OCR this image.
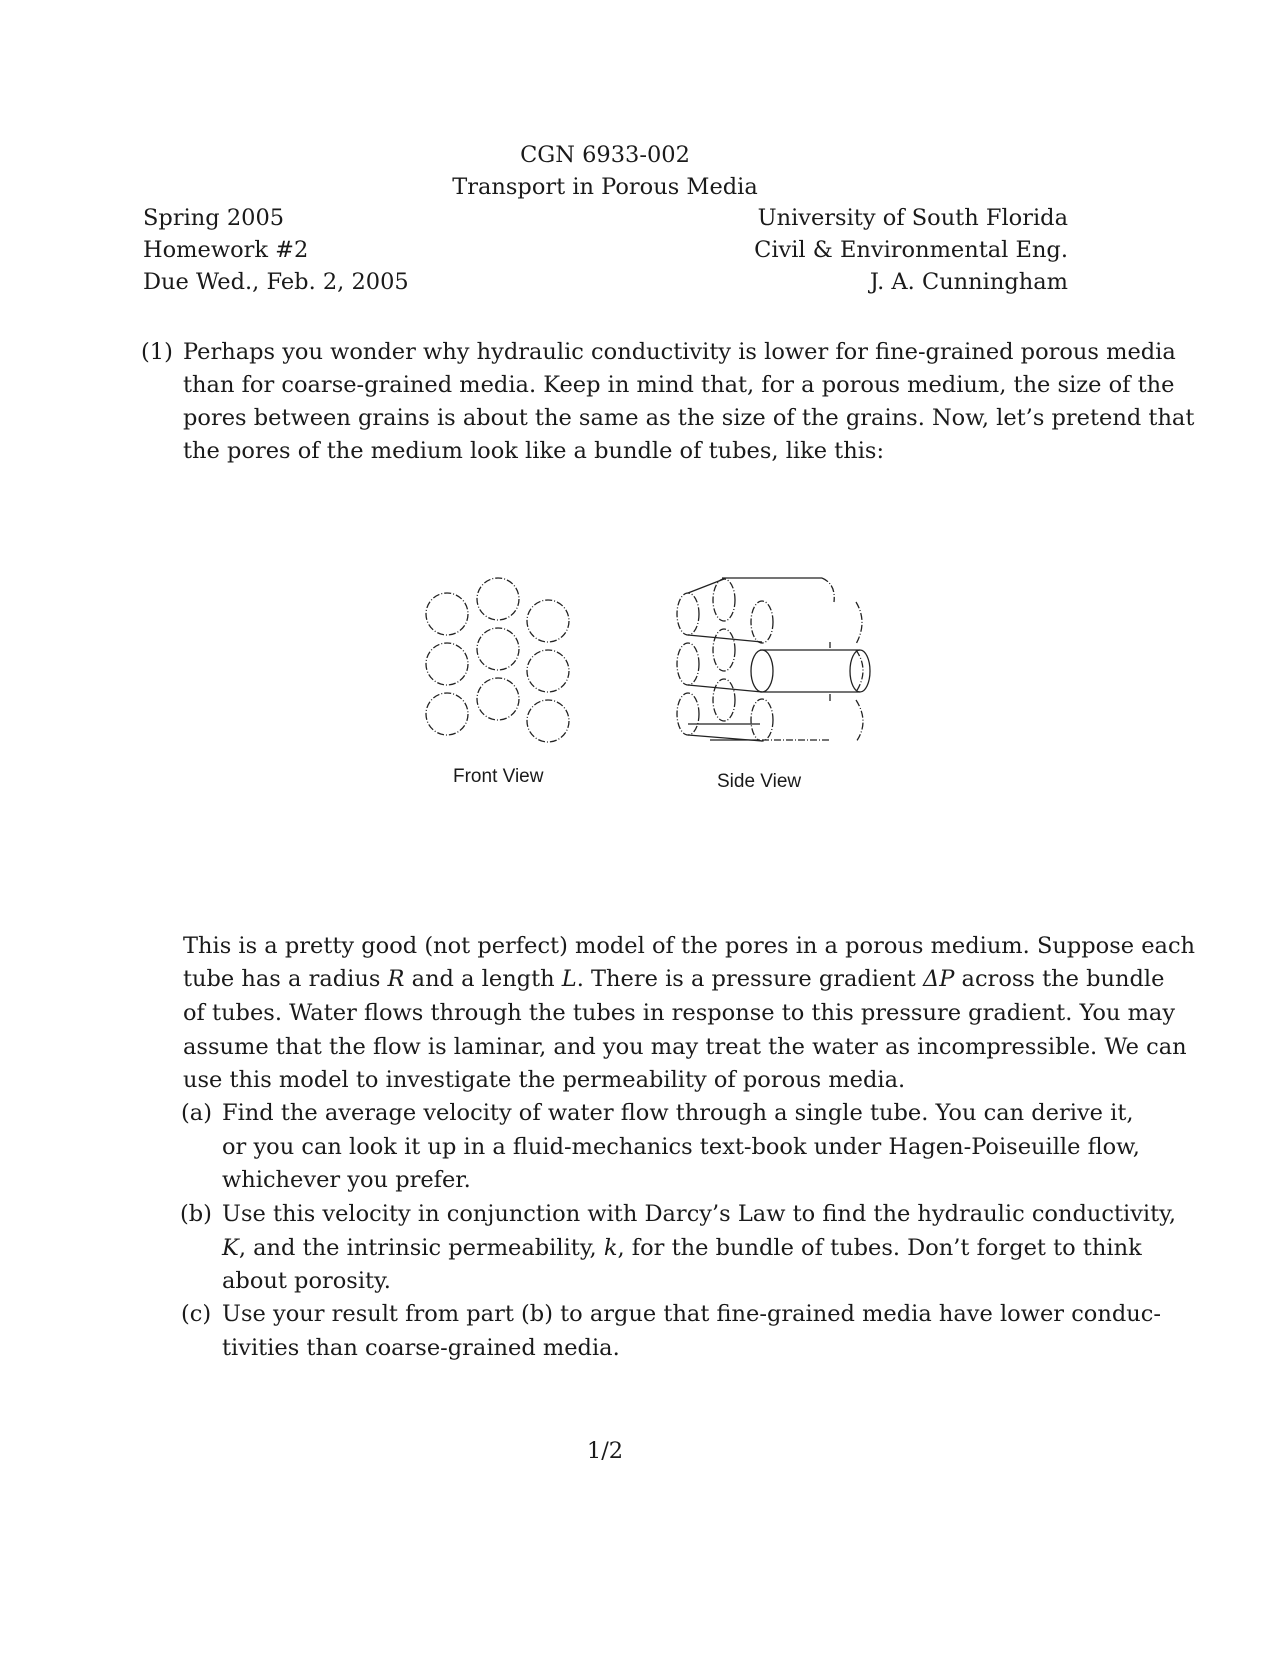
CGN 6933-002
Transport in Porous Media
Spring 2005
Homework #2
Due Wed., Feb. 2, 2005
University of South Florida
Civil & Environmental Eng.
J. A. Cunningham
(1) Perhaps you wonder why hydraulic conductivity is lower for fine-grained porous media
than for coarse-grained media. Keep in mind that, for a porous medium, the size of the
pores between grains is about the same as the size of the grains. Now, let’s pretend that
the pores of the medium look like a bundle of tubes, like this:
Front View	Side View
This is a pretty good (not perfect) model of the pores in a porous medium. Suppose each
tube has a radius R and a length L. There is a pressure gradient ΔP across the bundle
of tubes. Water flows through the tubes in response to this pressure gradient. You may
assume that the flow is laminar, and you may treat the water as incompressible. We can
use this model to investigate the permeability of porous media.
(a) Find the average velocity of water flow through a single tube. You can derive it,
or you can look it up in a fluid-mechanics text-book under Hagen-Poiseuille flow,
whichever you prefer.
(b) Use this velocity in conjunction with Darcy’s Law to find the hydraulic conductivity,
K, and the intrinsic permeability, k, for the bundle of tubes. Don’t forget to think
about porosity.
(c) Use your result from part (b) to argue that fine-grained media have lower conduc-
tivities than coarse-grained media.
1/2
